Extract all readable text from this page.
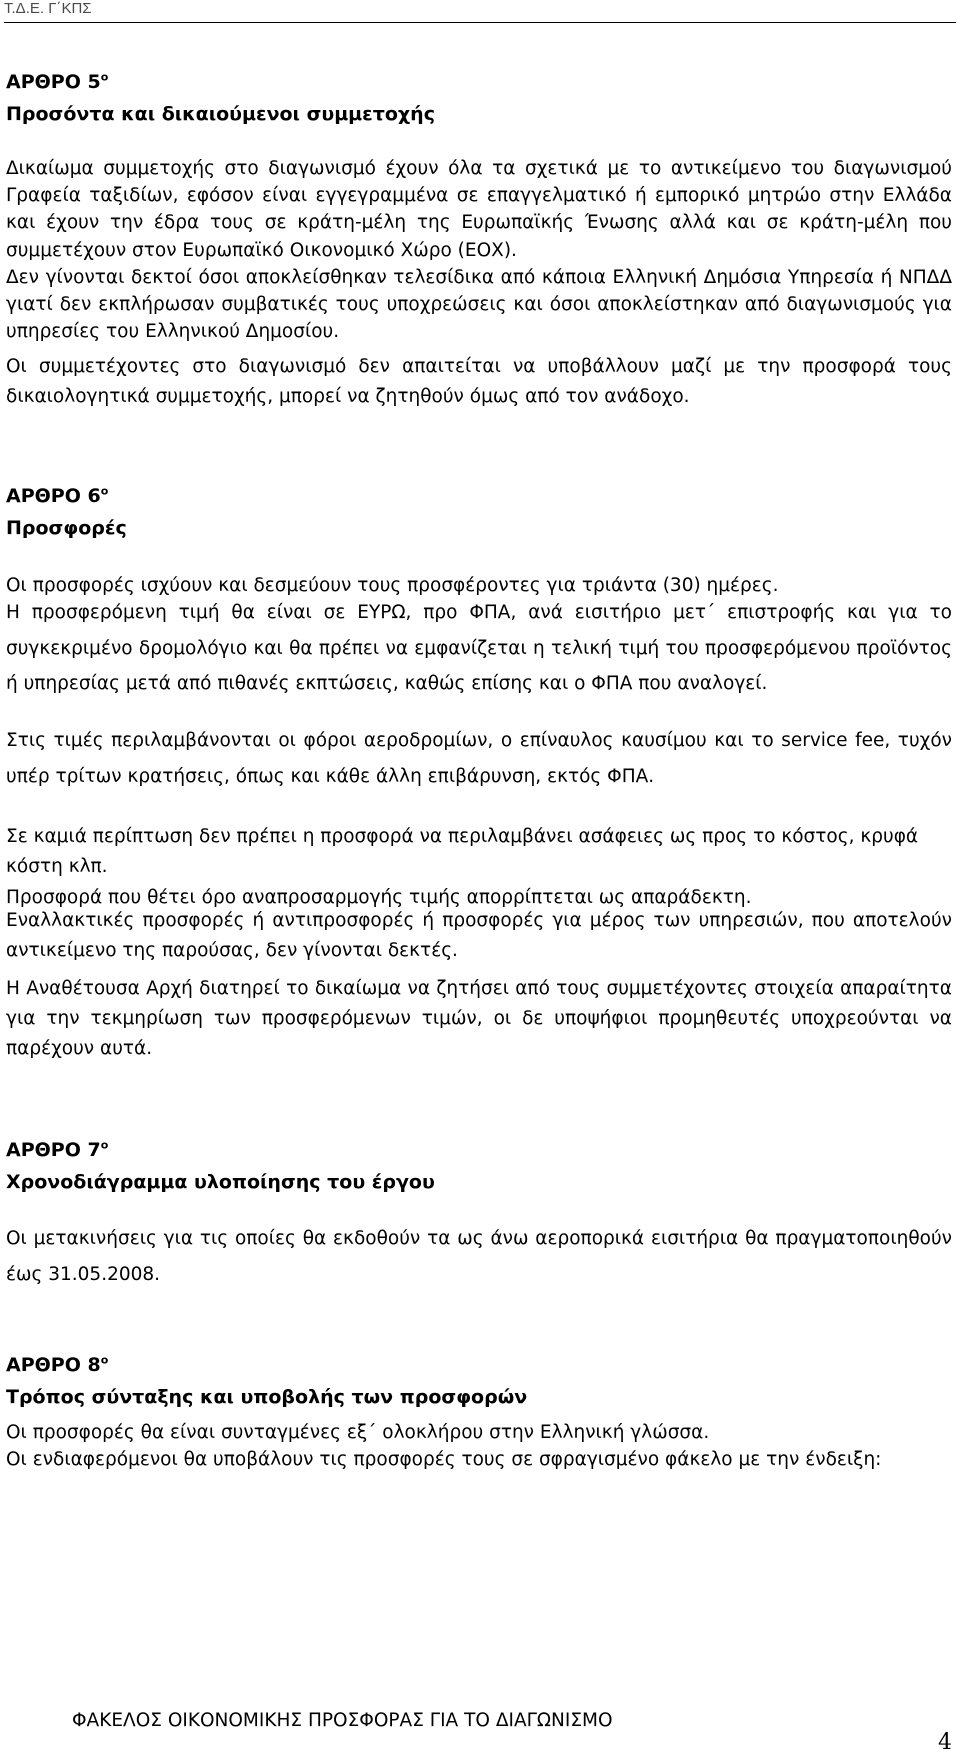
Τ.Δ.Ε. Γ΄ΚΠΣ
ΑΡΘΡΟ $5^o$
Προσόντα και δικαιούμενοι συμμετοχής

Δικαίωμα συμμετοχής στο διαγωνισμό έχουν όλα τα σχετικά με το αντικείμενο του διαγωνισμού Γραφεία ταξιδίων, εφόσον είναι εγγεγραμμένα σε επαγγελματικό ή εμπορικό μητρώο στην Ελλάδα και έχουν την έδρα τους σε κράτη-μέλη της Ευρωπαϊκής Ένωσης αλλά και σε κράτη-μέλη που συμμετέχουν στον Ευρωπαϊκό Οικονομικό Χώρο (ΕΟΧ).

Δεν γίνονται δεκτοί όσοι αποκλείσθηκαν τελεσίδικα από κάποια Ελληνική Δημόσια Υπηρεσία ή ΝΠΔΔ γιατί δεν εκπλήρωσαν συμβατικές τους υποχρεώσεις και όσοι αποκλείστηκαν από διαγωνισμούς για υπηρεσίες του Ελληνικού Δημοσίου.

Οι συμμετέχοντες στο διαγωνισμό δεν απαιτείται να υποβάλλουν μαζί με την προσφορά τους δικαιολογητικά συμμετοχής, μπορεί να ζητηθούν όμως από τον ανάδοχο.

ΑΡΘΡΟ $6^o$
Προσφορές

Οι προσφορές ισχύουν και δεσμεύουν τους προσφέροντες για τριάντα (30) ημέρες.

Η προσφερόμενη τιμή θα είναι σε ΕΥΡΩ, προ ΦΠΑ, ανά εισιτήριο μετ΄ επιστροφής και για το συγκεκριμένο δρομολόγιο και θα πρέπει να εμφανίζεται η τελική τιμή του προσφερόμενου προϊόντος ή υπηρεσίας μετά από πιθανές εκπτώσεις, καθώς επίσης και ο ΦΠΑ που αναλογεί.

Στις τιμές περιλαμβάνονται οι φόροι αεροδρομίων, ο επίναυλος καυσίμου και το service fee, τυχόν υπέρ τρίτων κρατήσεις, όπως και κάθε άλλη επιβάρυνση, εκτός ΦΠΑ.

Σε καμιά περίπτωση δεν πρέπει η προσφορά να περιλαμβάνει ασάφειες ως προς το κόστος, κρυφά κόστη κλπ.

Προσφορά που θέτει όρο αναπροσαρμογής τιμής απορρίπτεται ως απαράδεκτη.

Εναλλακτικές προσφορές ή αντιπροσφορές ή προσφορές για μέρος των υπηρεσιών, που αποτελούν αντικείμενο της παρούσας, δεν γίνονται δεκτές.

Η Αναθέτουσα Αρχή διατηρεί το δικαίωμα να ζητήσει από τους συμμετέχοντες στοιχεία απαραίτητα για την τεκμηρίωση των προσφερόμενων τιμών, οι δε υποψήφιοι προμηθευτές υποχρεούνται να παρέχουν αυτά.

ΑΡΘΡΟ $7^o$
Χρονοδιάγραμμα υλοποίησης του έργου

Οι μετακινήσεις για τις οποίες θα εκδοθούν τα ως άνω αεροπορικά εισιτήρια θα πραγματοποιηθούν έως 31.05.2008.

ΑΡΘΡΟ $8^o$
Τρόπος σύνταξης και υποβολής των προσφορών

Οι προσφορές θα είναι συνταγμένες εξ΄ ολοκλήρου στην Ελληνική γλώσσα.

Οι ενδιαφερόμενοι θα υποβάλουν τις προσφορές τους σε σφραγισμένο φάκελο με την ένδειξη:

ΦΑΚΕΛΟΣ ΟΙΚΟΝΟΜΙΚΗΣ ΠΡΟΣΦΟΡΑΣ ΓΙΑ ΤΟ ΔΙΑΓΩΝΙΣΜΟ
4
